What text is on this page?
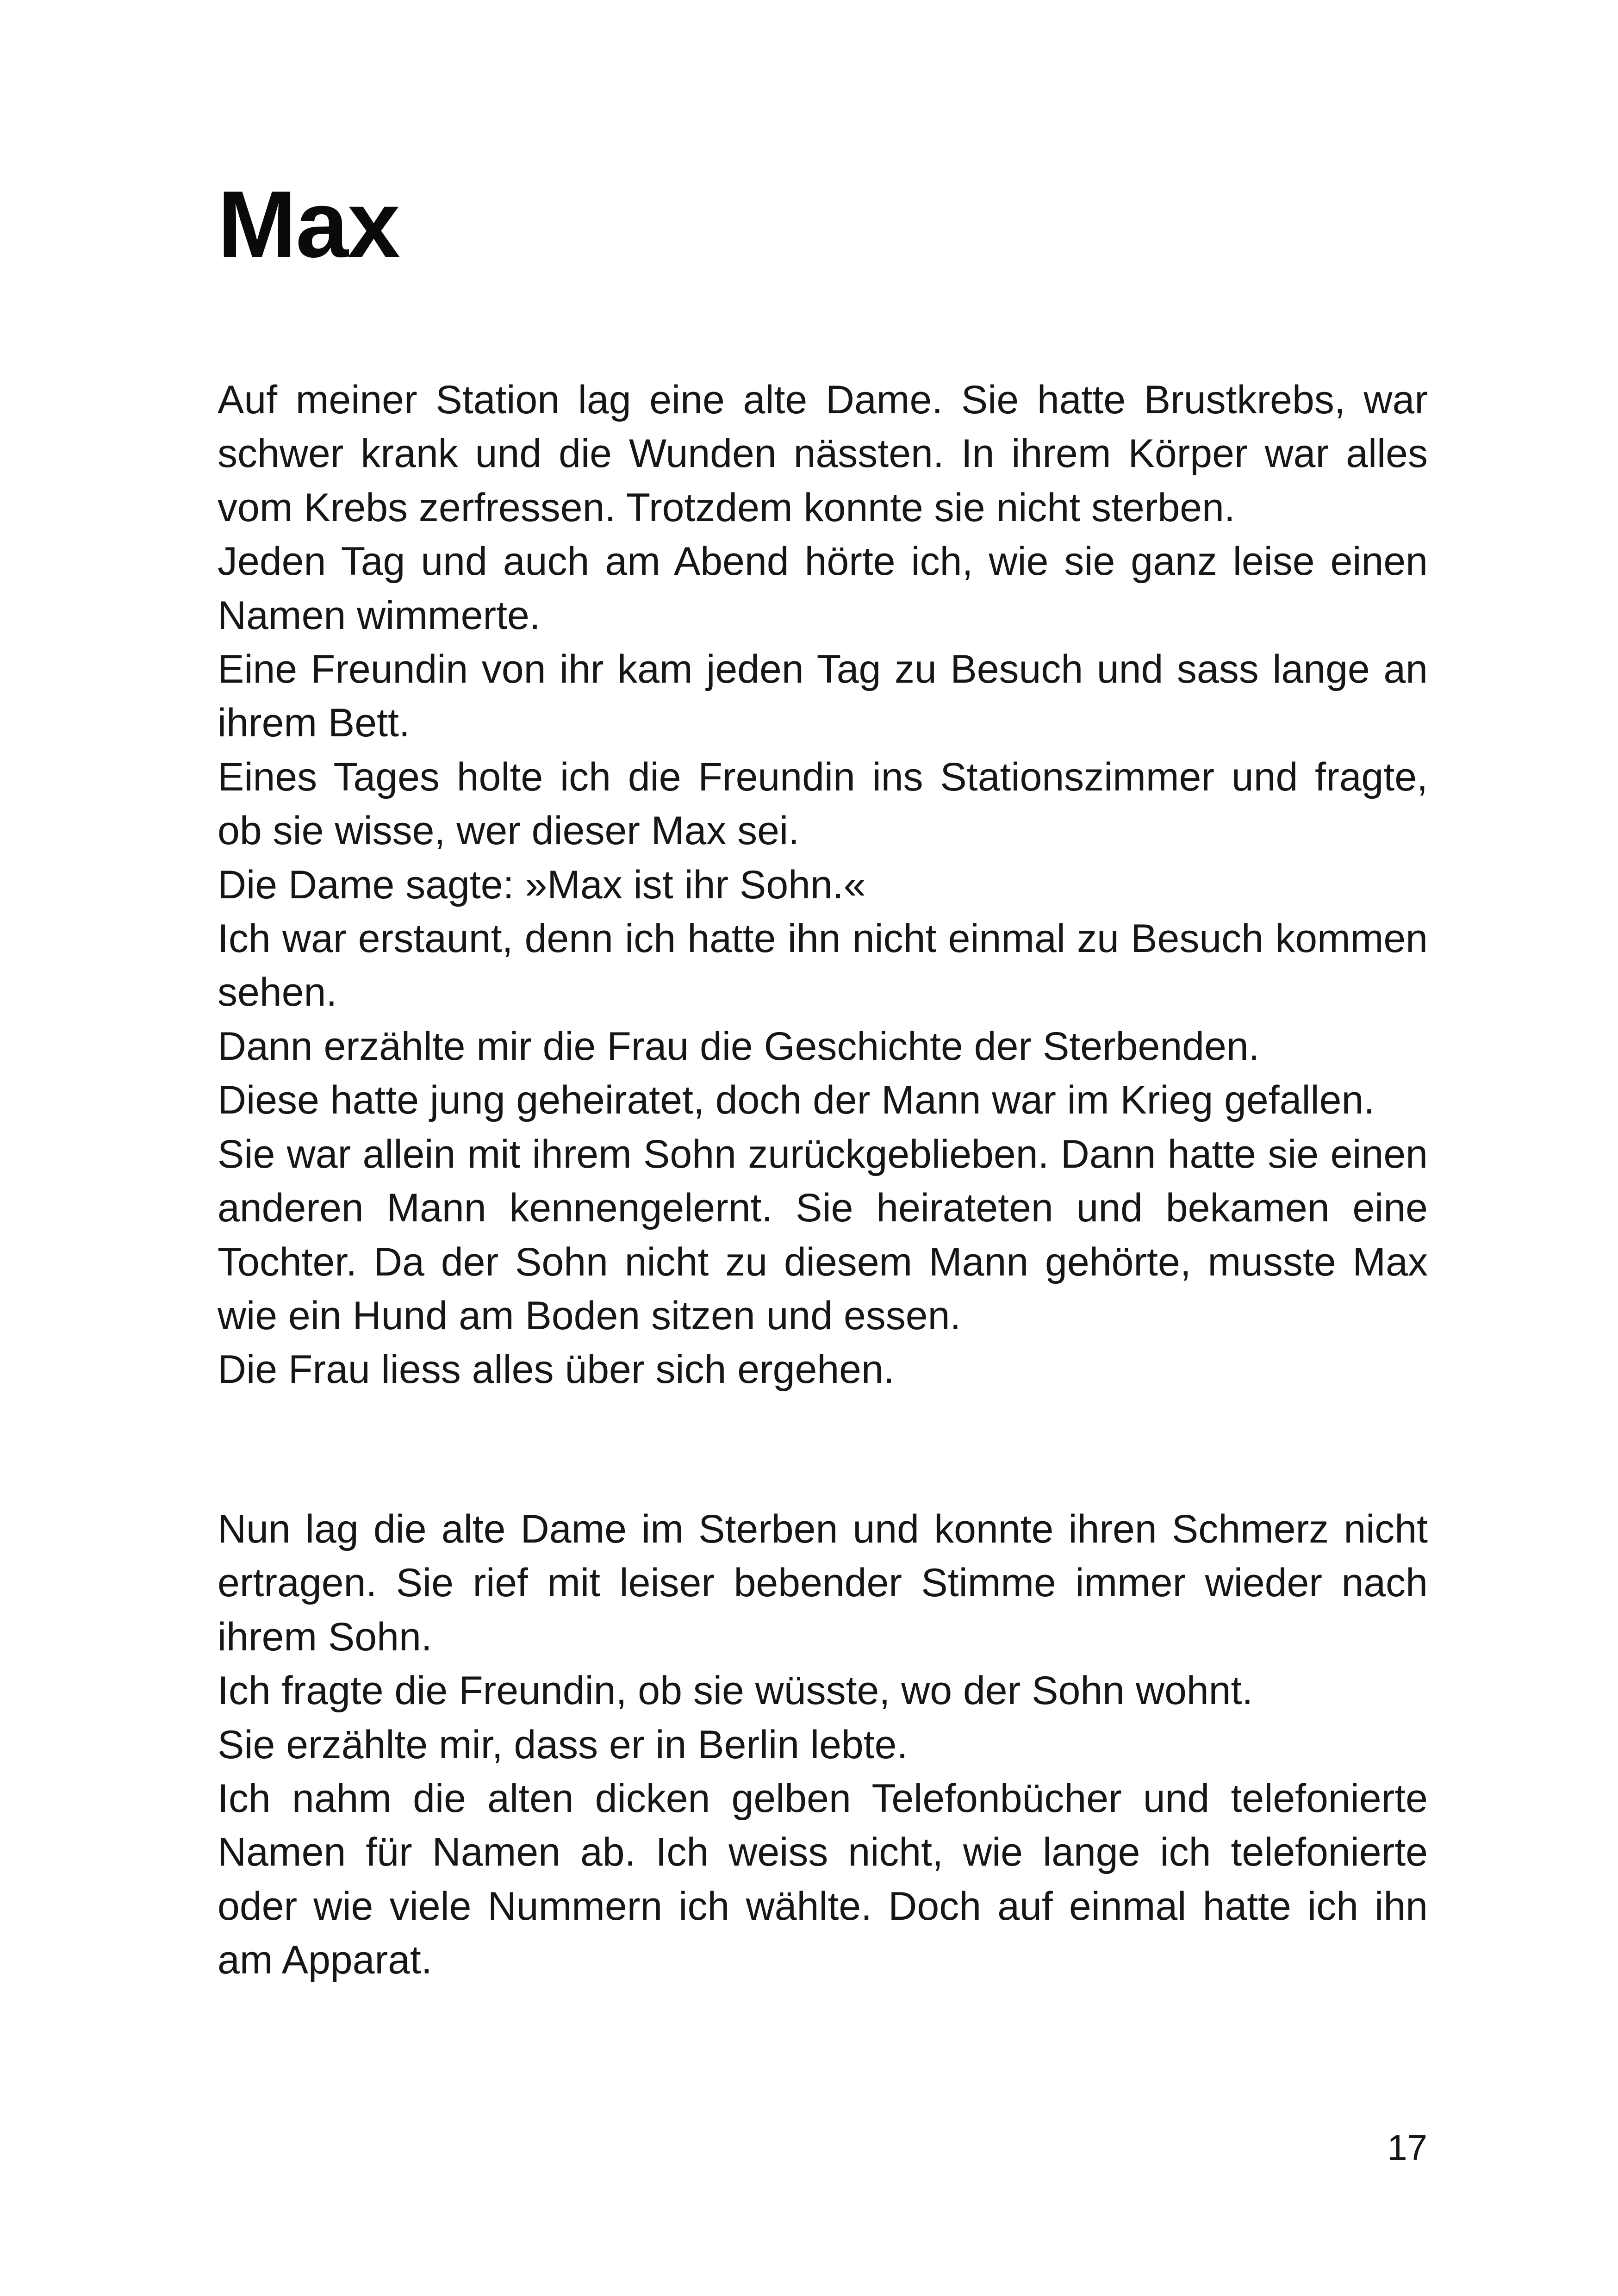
Max

Auf meiner Station lag eine alte Dame. Sie hatte Brustkrebs, war schwer krank und die Wunden nässten. In ihrem Körper war alles vom Krebs zerfressen. Trotzdem konnte sie nicht sterben.

Jeden Tag und auch am Abend hörte ich, wie sie ganz leise einen Namen wimmerte.

Eine Freundin von ihr kam jeden Tag zu Besuch und sass lange an ihrem Bett.

Eines Tages holte ich die Freundin ins Stationszimmer und fragte, ob sie wisse, wer dieser Max sei.

Die Dame sagte: »Max ist ihr Sohn.«

Ich war erstaunt, denn ich hatte ihn nicht einmal zu Besuch kommen sehen.

Dann erzählte mir die Frau die Geschichte der Sterbenden.

Diese hatte jung geheiratet, doch der Mann war im Krieg gefallen.

Sie war allein mit ihrem Sohn zurückgeblieben. Dann hatte sie einen anderen Mann kennengelernt. Sie heirateten und bekamen eine Tochter. Da der Sohn nicht zu diesem Mann gehörte, musste Max wie ein Hund am Boden sitzen und essen.

Die Frau liess alles über sich ergehen.

Nun lag die alte Dame im Sterben und konnte ihren Schmerz nicht ertragen. Sie rief mit leiser bebender Stimme immer wieder nach ihrem Sohn.

Ich fragte die Freundin, ob sie wüsste, wo der Sohn wohnt.

Sie erzählte mir, dass er in Berlin lebte.

Ich nahm die alten dicken gelben Telefonbücher und telefonierte Namen für Namen ab. Ich weiss nicht, wie lange ich telefonierte oder wie viele Nummern ich wählte. Doch auf einmal hatte ich ihn am Apparat.

17
